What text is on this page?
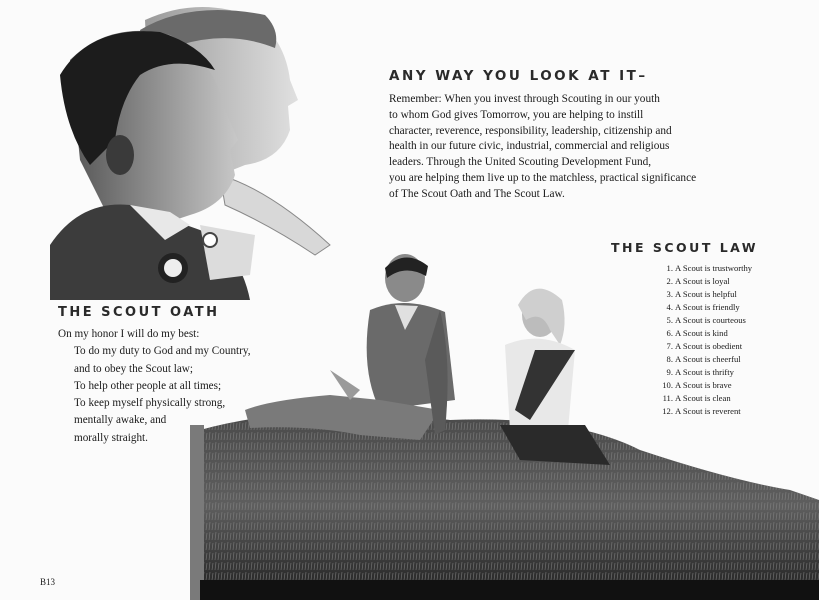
ANY WAY YOU LOOK AT IT–

Remember: When you invest through Scouting in our youth
to whom God gives Tomorrow, you are helping to instill
character, reverence, responsibility, leadership, citizenship and
health in our future civic, industrial, commercial and religious
leaders. Through the United Scouting Development Fund,
you are helping them live up to the matchless, practical significance
of The Scout Oath and The Scout Law.

THE SCOUT LAW
1. A Scout is trustworthy
2. A Scout is loyal
3. A Scout is helpful
4. A Scout is friendly
5. A Scout is courteous
6. A Scout is kind
7. A Scout is obedient
8. A Scout is cheerful
9. A Scout is thrifty
10. A Scout is brave
11. A Scout is clean
12. A Scout is reverent
THE SCOUT OATH

On my honor I will do my best:
To do my duty to God and my Country,
and to obey the Scout law;
To help other people at all times;
To keep myself physically strong,
mentally awake, and
morally straight.

B13
